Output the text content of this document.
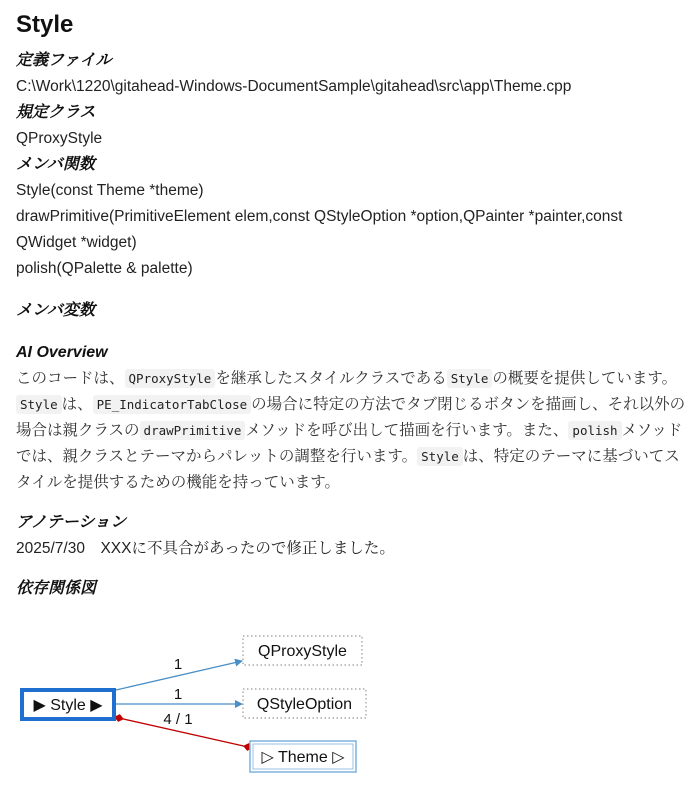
Style

定義ファイル

C:\Work\1220\gitahead-Windows-DocumentSample\gitahead\src\app\Theme.cpp

規定クラス

QProxyStyle

メンバ関数

Style(const Theme *theme)

drawPrimitive(PrimitiveElement elem,const QStyleOption *option,QPainter *painter,const

QWidget *widget)

polish(QPalette & palette)

メンバ変数

AI Overview

このコードは、 QProxyStyle を継承したスタイルクラスである Style の概要を提供しています。Style は、 PE_IndicatorTabClose の場合に特定の方法でタブ閉じるボタンを描画し、それ以外の場合は親クラスの drawPrimitive メソッドを呼び出して描画を行います。また、 polish メソッドでは、親クラスとテーマからパレットの調整を行います。 Style は、特定のテーマに基づいてスタイルを提供するための機能を持っています。

アノテーション

2025/7/30　XXXに不具合があったので修正しました。

依存関係図

1
1
4 / 1
▶ Style ▶
QProxyStyle
QStyleOption
▷ Theme ▷
